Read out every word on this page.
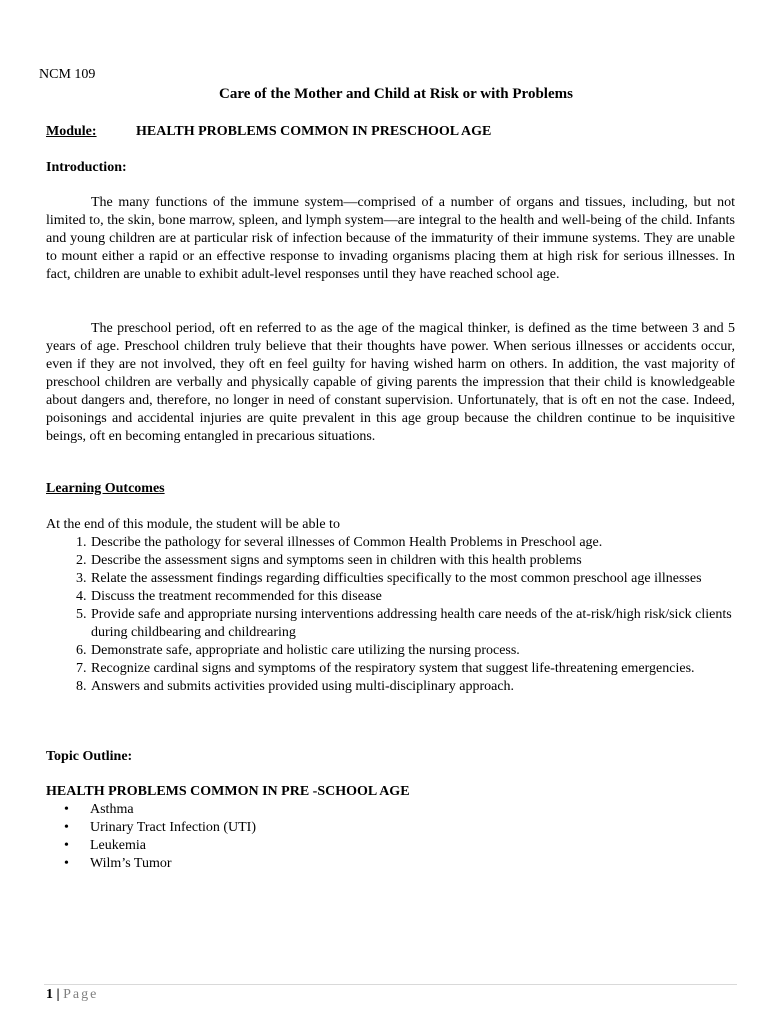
NCM 109
Care of the Mother and Child at Risk or with Problems
Module:	HEALTH PROBLEMS COMMON IN PRESCHOOL AGE
Introduction:

The many functions of the immune system—comprised of a number of organs and tissues, including, but not limited to, the skin, bone marrow, spleen, and lymph system—are integral to the health and well-being of the child. Infants and young children are at particular risk of infection because of the immaturity of their immune systems. They are unable to mount either a rapid or an effective response to invading organisms placing them at high risk for serious illnesses. In fact, children are unable to exhibit adult-level responses until they have reached school age.

The preschool period, oft en referred to as the age of the magical thinker, is defined as the time between 3 and 5 years of age. Preschool children truly believe that their thoughts have power. When serious illnesses or accidents occur, even if they are not involved, they oft en feel guilty for having wished harm on others. In addition, the vast majority of preschool children are verbally and physically capable of giving parents the impression that their child is knowledgeable about dangers and, therefore, no longer in need of constant supervision. Unfortunately, that is oft en not the case. Indeed, poisonings and accidental injuries are quite prevalent in this age group because the children continue to be inquisitive beings, oft en becoming entangled in precarious situations.

Learning Outcomes
At the end of this module, the student will be able to
1. Describe the pathology for several illnesses of Common Health Problems in Preschool age.
2. Describe the assessment signs and symptoms seen in children with this health problems
3. Relate the assessment findings regarding difficulties specifically to the most common preschool age illnesses
4. Discuss the treatment recommended for this disease
5. Provide safe and appropriate nursing interventions addressing health care needs of the at-risk/high risk/sick clients during childbearing and childrearing
6. Demonstrate safe, appropriate and holistic care utilizing the nursing process.
7. Recognize cardinal signs and symptoms of the respiratory system that suggest life-threatening emergencies.
8. Answers and submits activities provided using multi-disciplinary approach.
Topic Outline:
HEALTH PROBLEMS COMMON IN PRE -SCHOOL AGE
• Asthma
• Urinary Tract Infection (UTI)
• Leukemia
• Wilm’s Tumor
1 | Page
